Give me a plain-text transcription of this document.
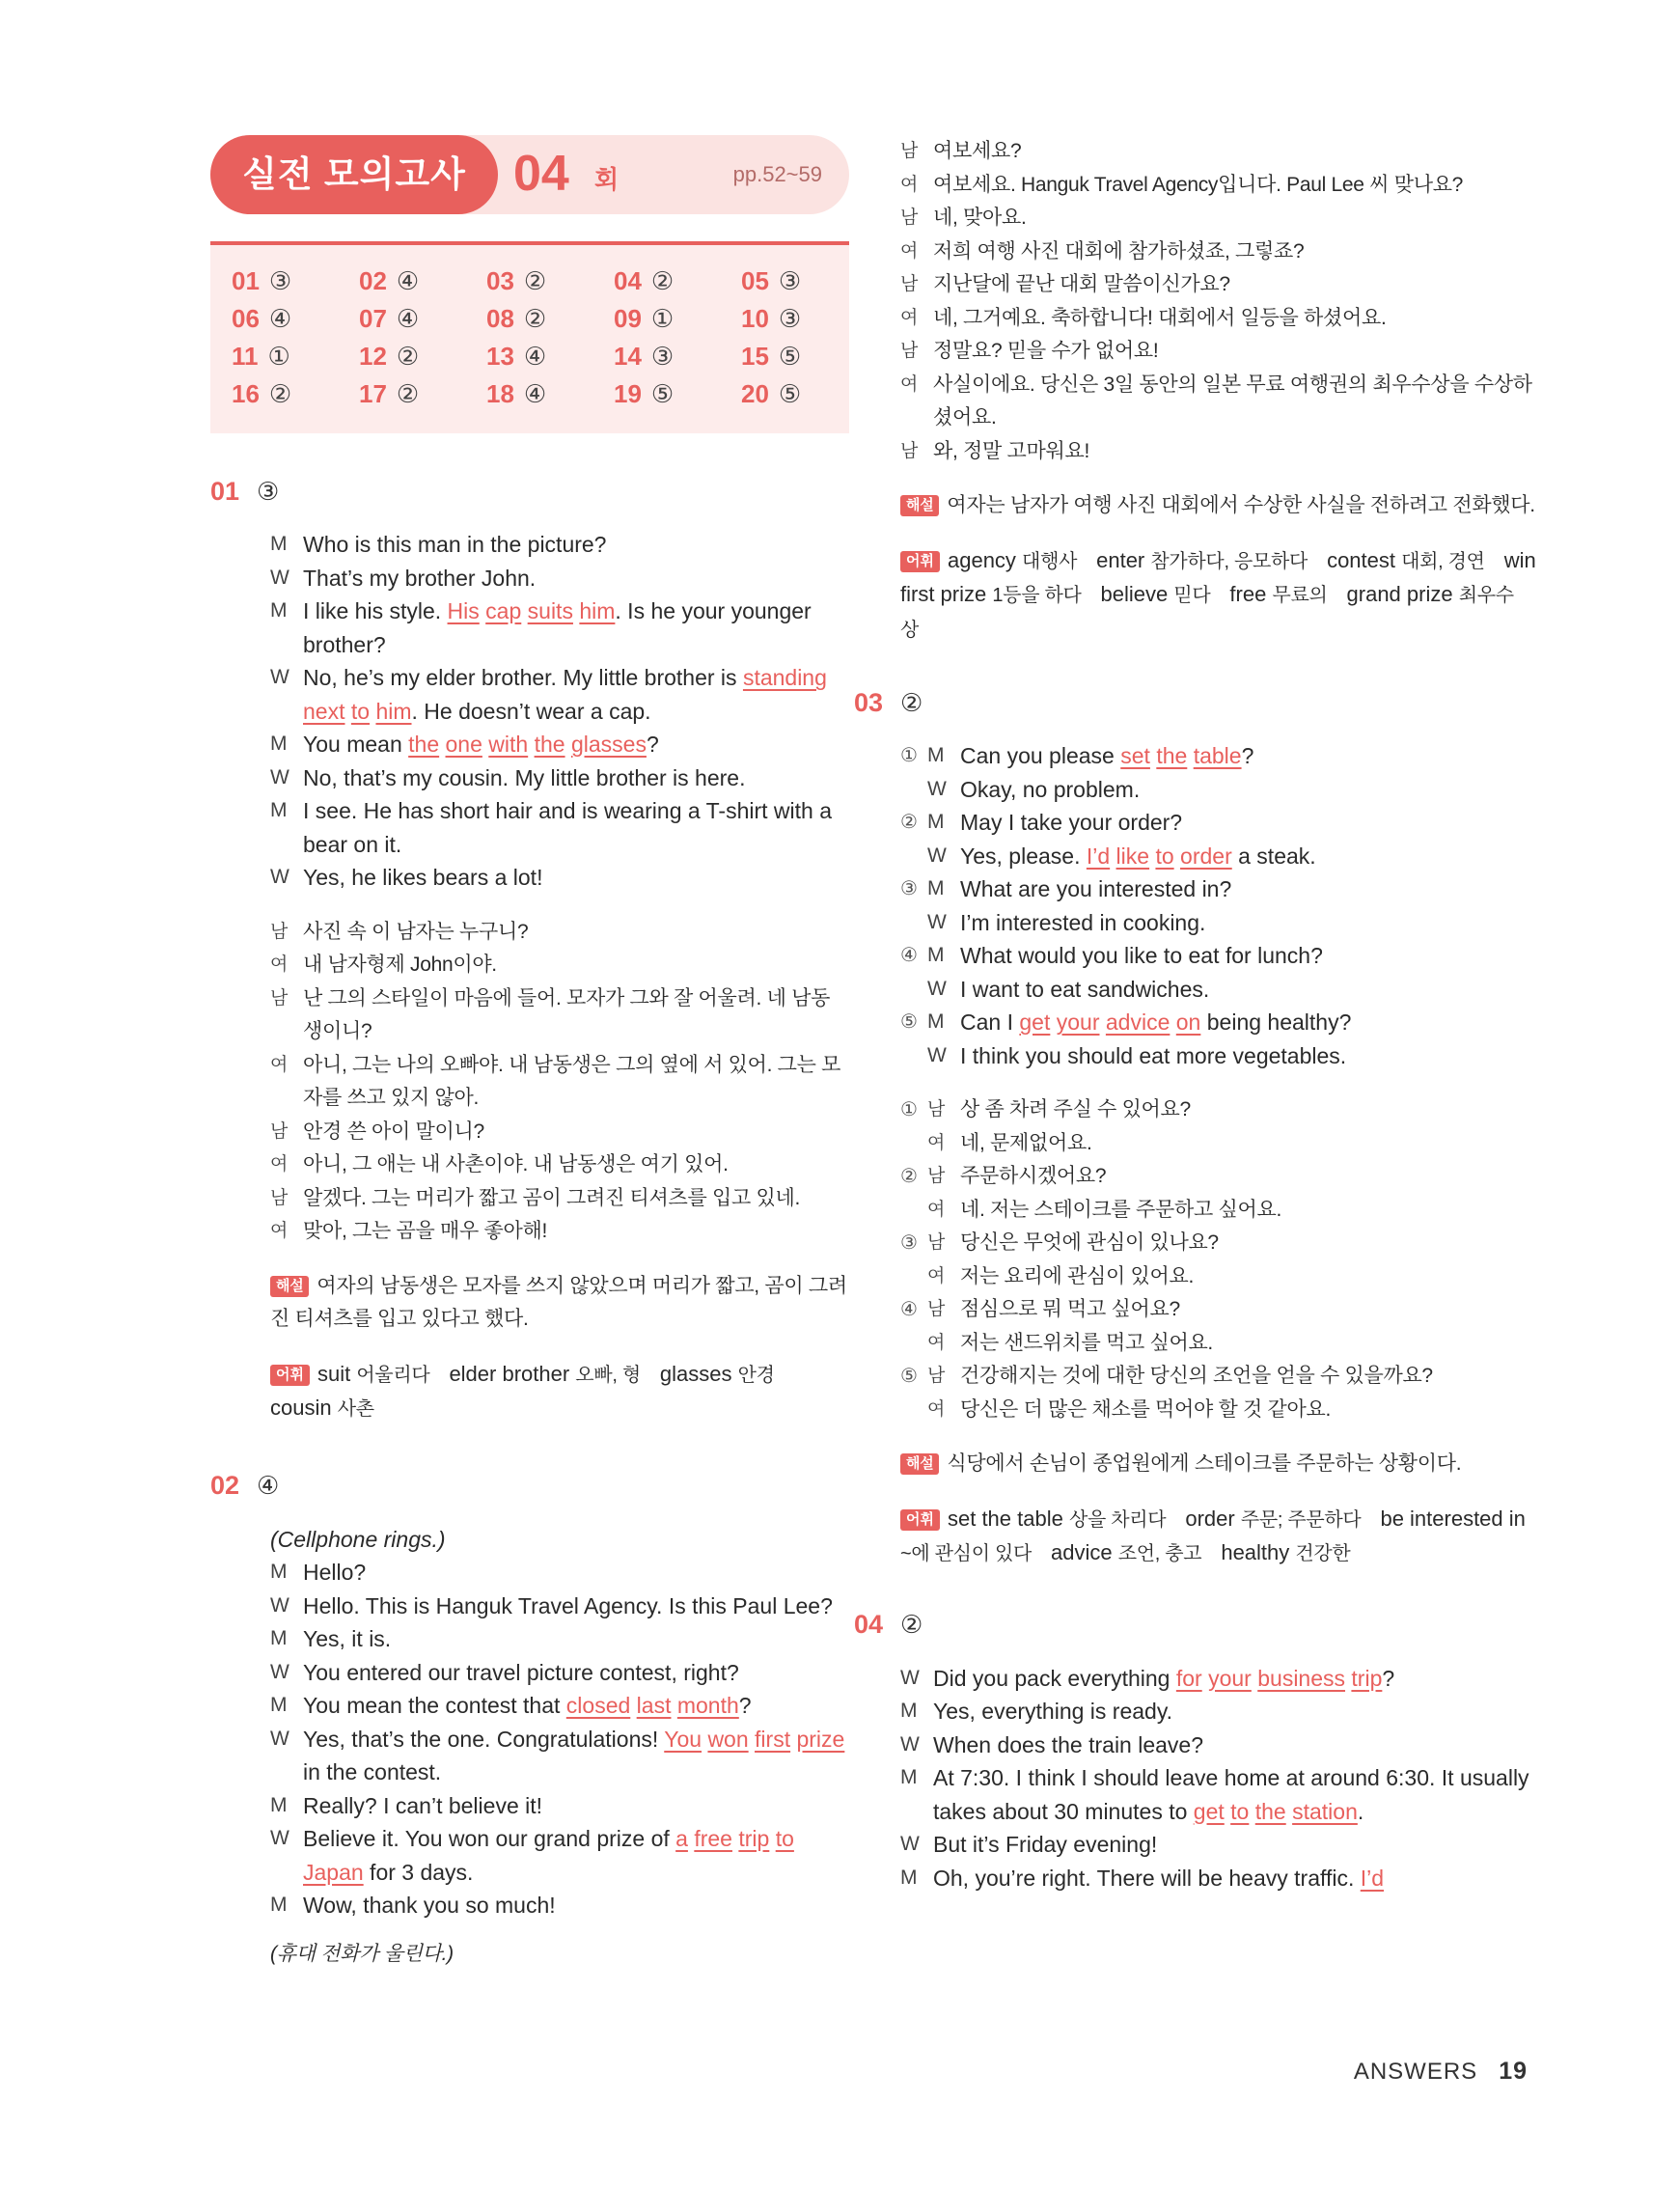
실전 모의고사 04 회	pp.52~59
01 ③	02 ④	03 ②	04 ②	05 ③
06 ④	07 ④	08 ②	09 ①	10 ③
11 ①	12 ②	13 ④	14 ③	15 ⑤
16 ②	17 ②	18 ④	19 ⑤	20 ⑤
01 ③
M Who is this man in the picture?
W That’s my brother John.
M I like his style. His cap suits him. Is he your younger brother?
W No, he’s my elder brother. My little brother is standing next to him. He doesn’t wear a cap.
M You mean the one with the glasses?
W No, that’s my cousin. My little brother is here.
M I see. He has short hair and is wearing a T-shirt with a bear on it.
W Yes, he likes bears a lot!
남 사진 속 이 남자는 누구니?
여 내 남자형제 John이야.
남 난 그의 스타일이 마음에 들어. 모자가 그와 잘 어울려. 네 남동생이니?
여 아니, 그는 나의 오빠야. 내 남동생은 그의 옆에 서 있어. 그는 모자를 쓰고 있지 않아.
남 안경 쓴 아이 말이니?
여 아니, 그 애는 내 사촌이야. 내 남동생은 여기 있어.
남 알겠다. 그는 머리가 짧고 곰이 그려진 티셔츠를 입고 있네.
여 맞아, 그는 곰을 매우 좋아해!
해설 여자의 남동생은 모자를 쓰지 않았으며 머리가 짧고, 곰이 그려진 티셔츠를 입고 있다고 했다.
어휘 suit 어울리다 elder brother 오빠, 형 glasses 안경cousin 사촌
02 ④
(Cellphone rings.)
M Hello?
W Hello. This is Hanguk Travel Agency. Is this Paul Lee?
M Yes, it is.
W You entered our travel picture contest, right?
M You mean the contest that closed last month?
W Yes, that’s the one. Congratulations! You won first prize in the contest.
M Really? I can’t believe it!
W Believe it. You won our grand prize of a free trip to Japan for 3 days.
M Wow, thank you so much!
(휴대 전화가 울린다.)
남 여보세요?
여 여보세요. Hanguk Travel Agency입니다. Paul Lee 씨 맞나요?
남 네, 맞아요.
여 저희 여행 사진 대회에 참가하셨죠, 그렇죠?
남 지난달에 끝난 대회 말씀이신가요?
여 네, 그거예요. 축하합니다! 대회에서 일등을 하셨어요.
남 정말요? 믿을 수가 없어요!
여 사실이에요. 당신은 3일 동안의 일본 무료 여행권의 최우수상을 수상하셨어요.
남 와, 정말 고마워요!
해설 여자는 남자가 여행 사진 대회에서 수상한 사실을 전하려고 전화했다.
어휘 agency 대행사 enter 참가하다, 응모하다 contest 대회, 경연 win first prize 1등을 하다 believe 믿다 free 무료의 grand prize 최우수상
03 ②
① M Can you please set the table?
W Okay, no problem.
② M May I take your order?
W Yes, please. I’d like to order a steak.
③ M What are you interested in?
W I’m interested in cooking.
④ M What would you like to eat for lunch?
W I want to eat sandwiches.
⑤ M Can I get your advice on being healthy?
W I think you should eat more vegetables.
① 남 상 좀 차려 주실 수 있어요?
여 네, 문제없어요.
② 남 주문하시겠어요?
여 네. 저는 스테이크를 주문하고 싶어요.
③ 남 당신은 무엇에 관심이 있나요?
여 저는 요리에 관심이 있어요.
④ 남 점심으로 뭐 먹고 싶어요?
여 저는 샌드위치를 먹고 싶어요.
⑤ 남 건강해지는 것에 대한 당신의 조언을 얻을 수 있을까요?
여 당신은 더 많은 채소를 먹어야 할 것 같아요.
해설 식당에서 손님이 종업원에게 스테이크를 주문하는 상황이다.
어휘 set the table 상을 차리다 order 주문; 주문하다 be interested in ~에 관심이 있다 advice 조언, 충고 healthy 건강한
04 ②
W Did you pack everything for your business trip?
M Yes, everything is ready.
W When does the train leave?
M At 7:30. I think I should leave home at around 6:30. It usually takes about 30 minutes to get to the station.
W But it’s Friday evening!
M Oh, you’re right. There will be heavy traffic. I’d
ANSWERS 19
